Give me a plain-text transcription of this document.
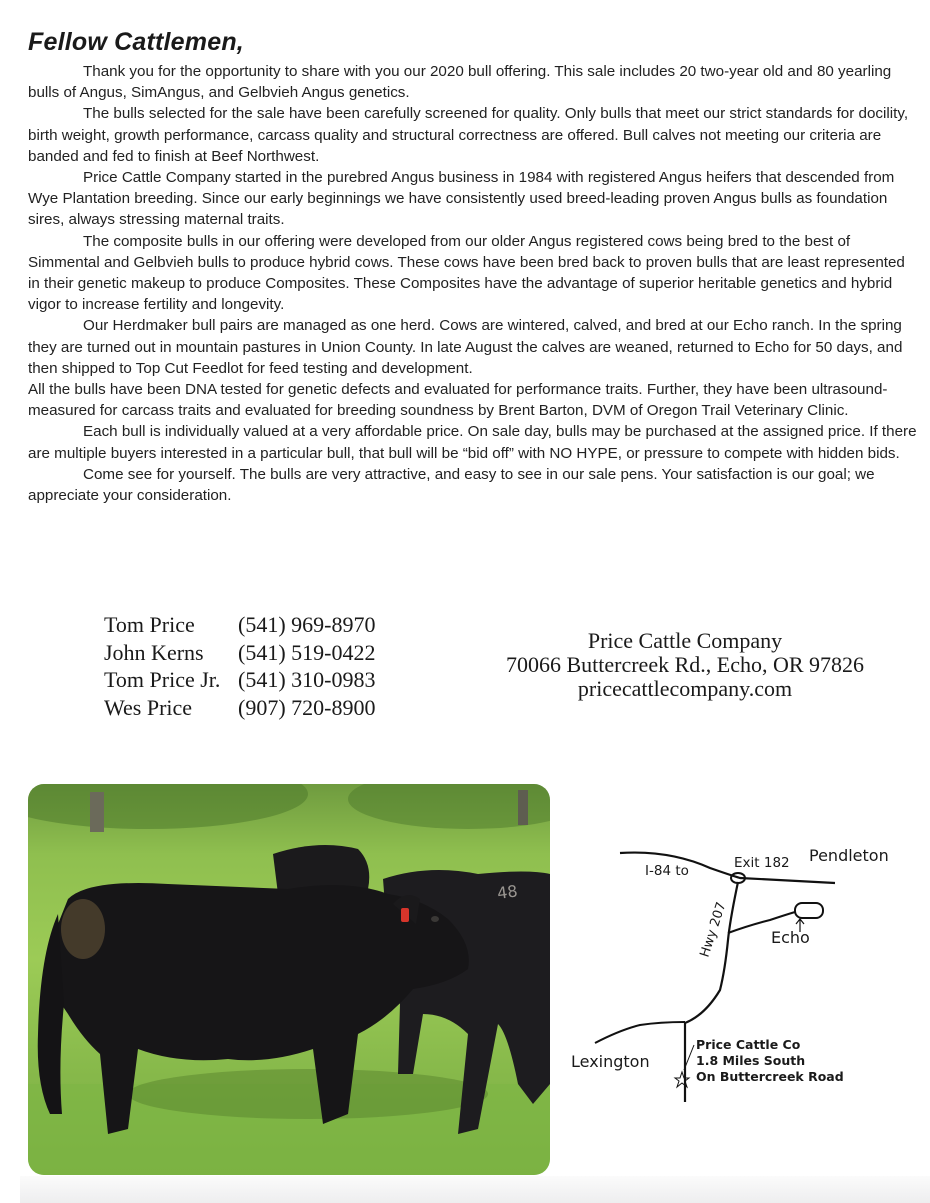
Fellow Cattlemen,

Thank you for the opportunity to share with you our 2020 bull offering. This sale includes 20 two-year old and 80 yearling bulls of Angus, SimAngus, and Gelbvieh Angus genetics.

The bulls selected for the sale have been carefully screened for quality. Only bulls that meet our strict standards for docility, birth weight, growth performance, carcass quality and structural correctness are offered. Bull calves not meeting our criteria are banded and fed to finish at Beef Northwest.

Price Cattle Company started in the purebred Angus business in 1984 with registered Angus heifers that descended from Wye Plantation breeding. Since our early beginnings we have consistently used breed-leading proven Angus bulls as foundation sires, always stressing maternal traits.

The composite bulls in our offering were developed from our older Angus registered cows being bred to the best of Simmental and Gelbvieh bulls to produce hybrid cows. These cows have been bred back to proven bulls that are least represented in their genetic makeup to produce Composites. These Composites have the advantage of superior heritable genetics and hybrid vigor to increase fertility and longevity.

Our Herdmaker bull pairs are managed as one herd. Cows are wintered, calved, and bred at our Echo ranch. In the spring they are turned out in mountain pastures in Union County. In late August the calves are weaned, returned to Echo for 50 days, and then shipped to Top Cut Feedlot for feed testing and development.

All the bulls have been DNA tested for genetic defects and evaluated for performance traits. Further, they have been ultrasound-measured for carcass traits and evaluated for breeding soundness by Brent Barton, DVM of Oregon Trail Veterinary Clinic.

Each bull is individually valued at a very affordable price. On sale day, bulls may be purchased at the assigned price. If there are multiple buyers interested in a particular bull, that bull will be “bid off” with NO HYPE, or pressure to compete with hidden bids.

Come see for yourself. The bulls are very attractive, and easy to see in our sale pens. Your satisfaction is our goal; we appreciate your consideration.

Tom Price	(541) 969-8970
John Kerns	(541) 519-0422
Tom Price Jr. (541) 310-0983
Wes Price	(907) 720-8900
Price Cattle Company
70066 Buttercreek Rd., Echo, OR 97826
pricecattlecompany.com
48
I-84 to	Exit 182 Pendleton
Echo
Hwy 207
Lexington
Price Cattle Co
1.8 Miles South
On Buttercreek Road
